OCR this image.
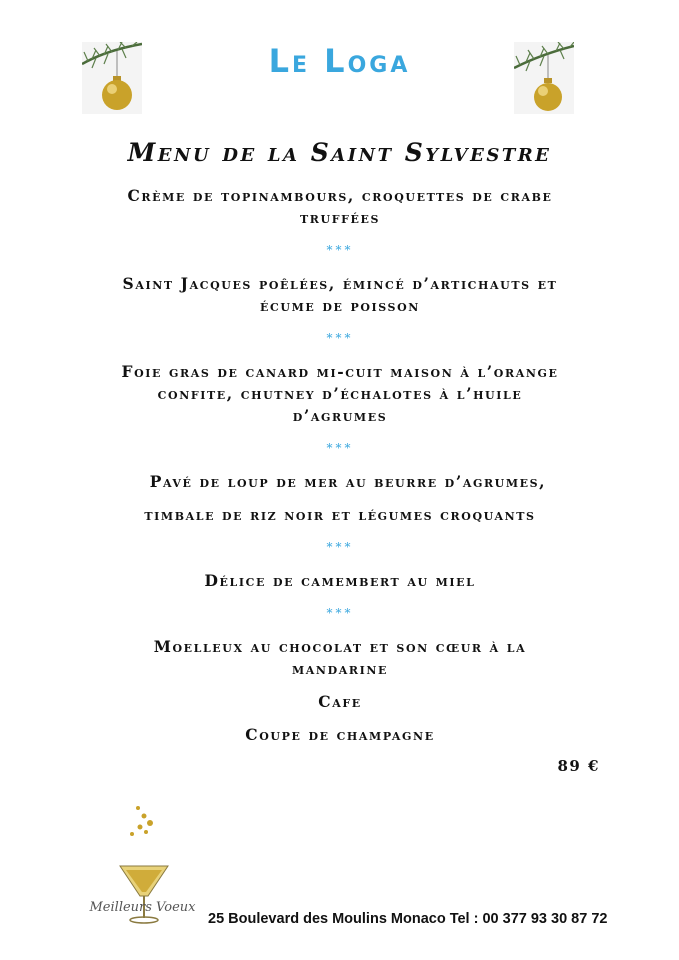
Le Loga
Menu de la Saint Sylvestre

Crème de topinambours, croquettes de crabe

truffées

***

Saint Jacques poêlées, émincé d’artichauts et

écume de poisson

***

Foie gras de canard mi-cuit maison à l’orange

confite, chutney d’échalotes à l’huile

d’agrumes

***

Pavé de loup de mer au beurre d’agrumes,

timbale de riz noir et légumes croquants

***

Délice de camembert au miel

***

Moelleux au chocolat et son cœur à la

mandarine

Cafe

Coupe de champagne

89 €
Meilleurs Voeux
25 Boulevard des Moulins Monaco Tel : 00 377 93 30 87 72
